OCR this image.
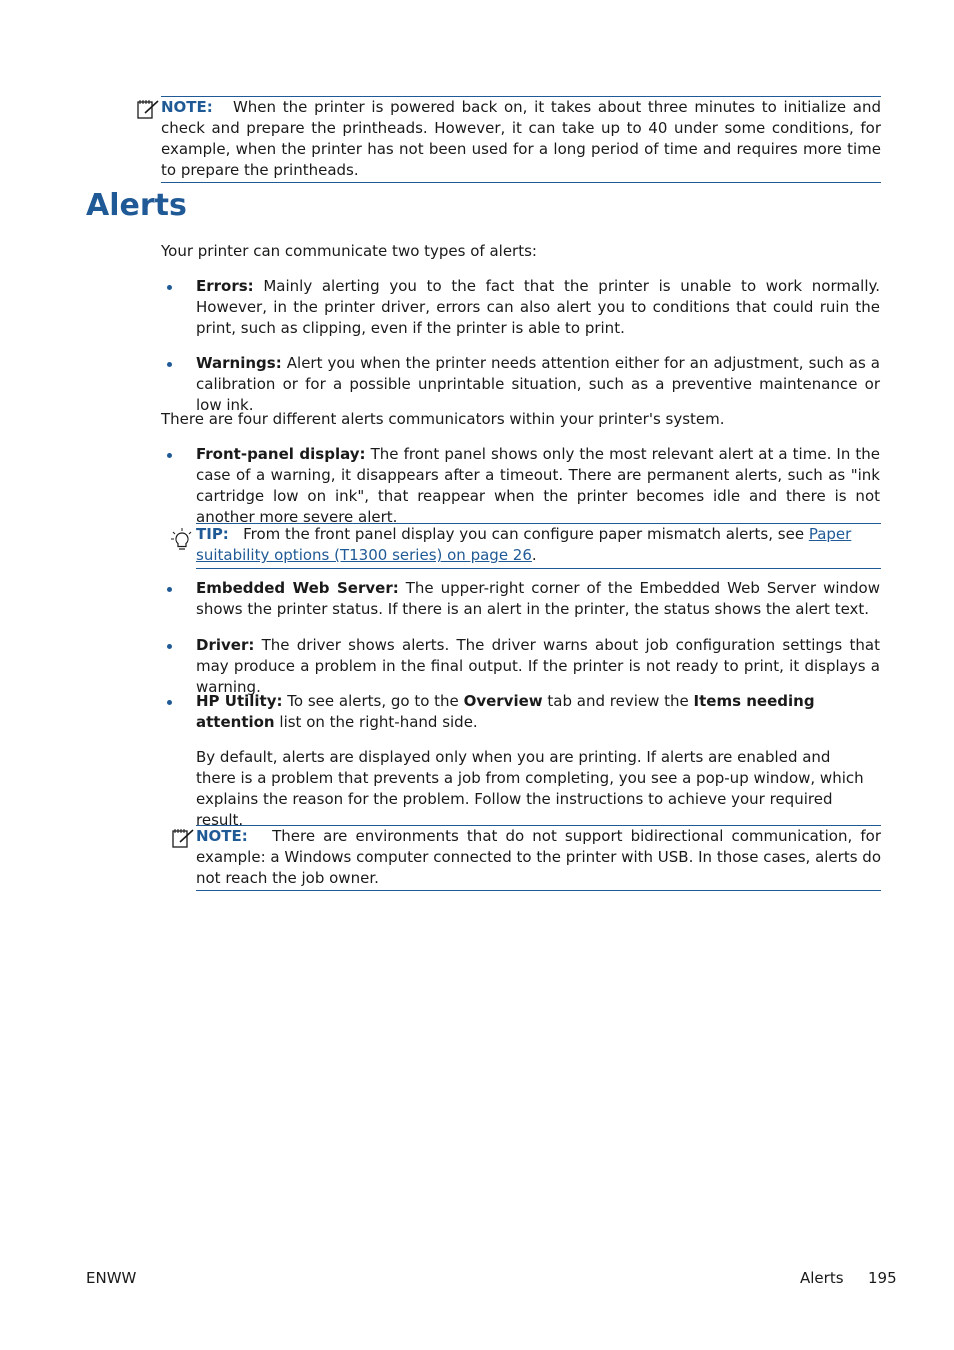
NOTE: When the printer is powered back on, it takes about three minutes to initialize and check and prepare the printheads. However, it can take up to 40 under some conditions, for example, when the printer has not been used for a long period of time and requires more time to prepare the printheads.
Alerts
Your printer can communicate two types of alerts:
Errors: Mainly alerting you to the fact that the printer is unable to work normally. However, in the printer driver, errors can also alert you to conditions that could ruin the print, such as clipping, even if the printer is able to print.
Warnings: Alert you when the printer needs attention either for an adjustment, such as a calibration or for a possible unprintable situation, such as a preventive maintenance or low ink.
There are four different alerts communicators within your printer's system.
Front-panel display: The front panel shows only the most relevant alert at a time. In the case of a warning, it disappears after a timeout. There are permanent alerts, such as "ink cartridge low on ink", that reappear when the printer becomes idle and there is not another more severe alert.
TIP: From the front panel display you can configure paper mismatch alerts, see Paper suitability options (T1300 series) on page 26.
Embedded Web Server: The upper-right corner of the Embedded Web Server window shows the printer status. If there is an alert in the printer, the status shows the alert text.
Driver: The driver shows alerts. The driver warns about job configuration settings that may produce a problem in the final output. If the printer is not ready to print, it displays a warning.
HP Utility: To see alerts, go to the Overview tab and review the Items needing attention list on the right-hand side.
By default, alerts are displayed only when you are printing. If alerts are enabled and there is a problem that prevents a job from completing, you see a pop-up window, which explains the reason for the problem. Follow the instructions to achieve your required result.
NOTE: There are environments that do not support bidirectional communication, for example: a Windows computer connected to the printer with USB. In those cases, alerts do not reach the job owner.
ENWW	Alerts 195
